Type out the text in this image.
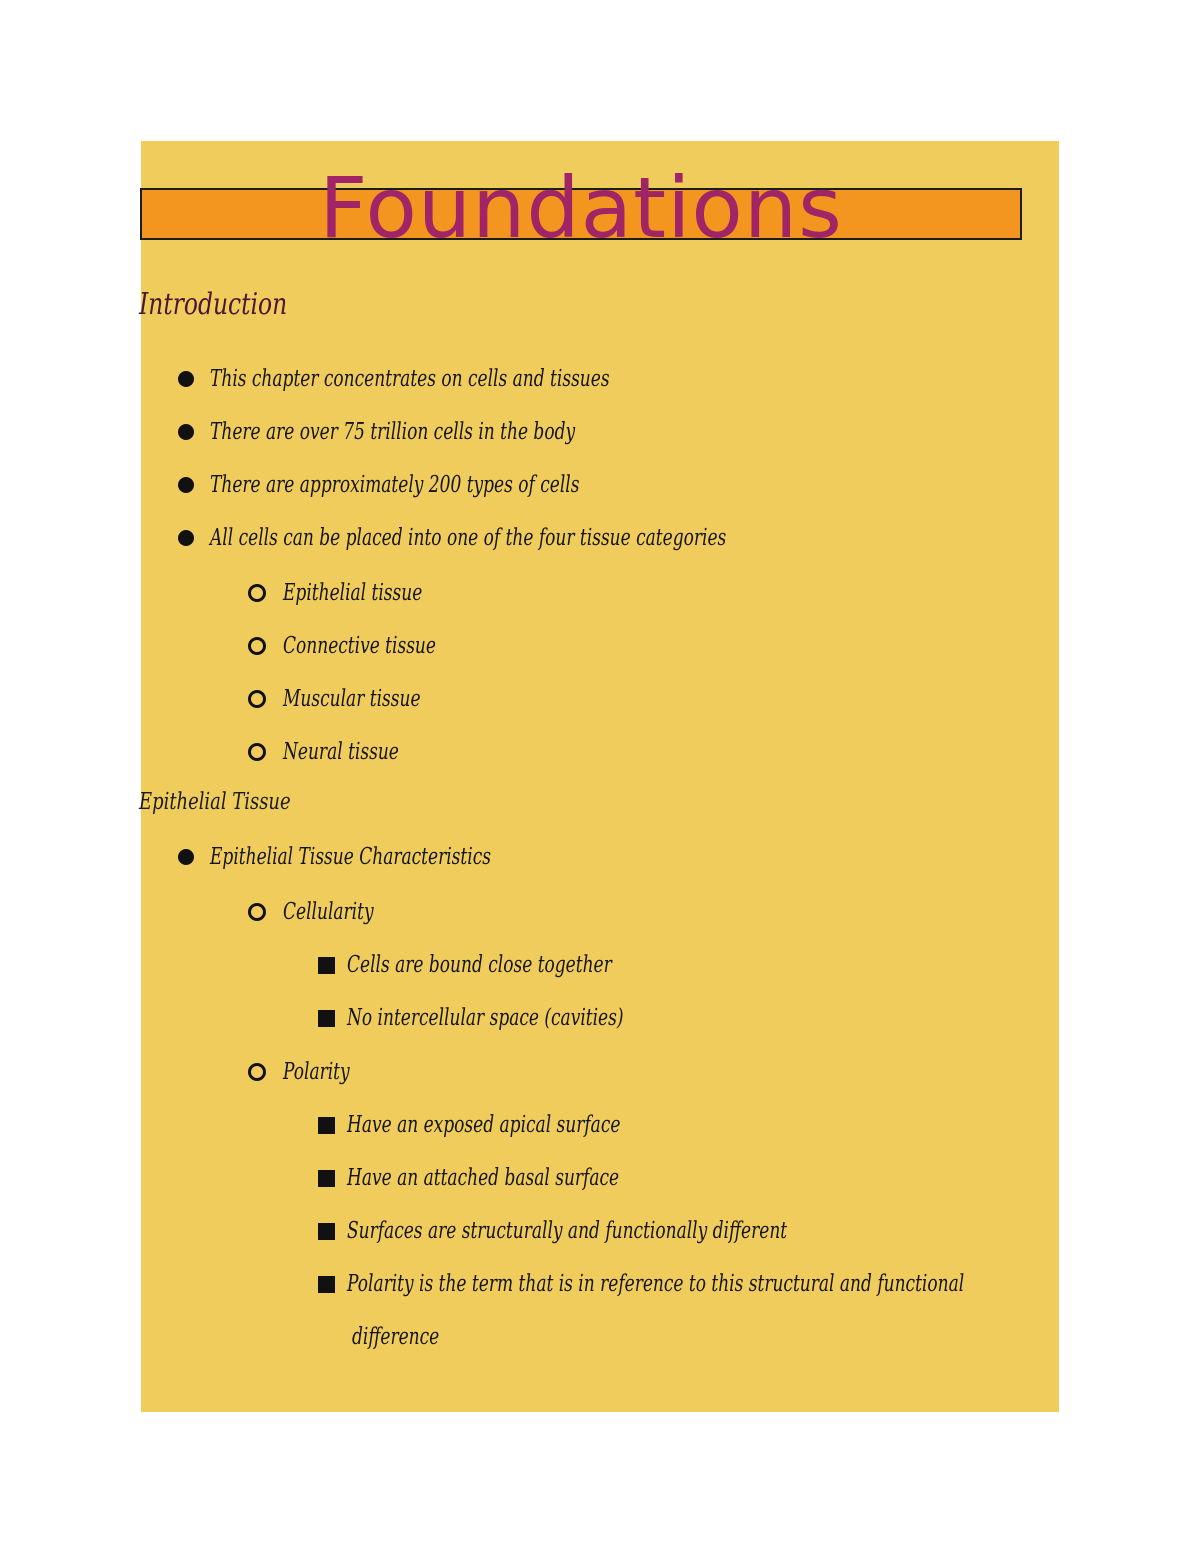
Foundations
Introduction
This chapter concentrates on cells and tissues
There are over 75 trillion cells in the body
There are approximately 200 types of cells
All cells can be placed into one of the four tissue categories
Epithelial tissue
Connective tissue
Muscular tissue
Neural tissue
Epithelial Tissue
Epithelial Tissue Characteristics
Cellularity
Cells are bound close together
No intercellular space (cavities)
Polarity
Have an exposed apical surface
Have an attached basal surface
Surfaces are structurally and functionally different
Polarity is the term that is in reference to this structural and functional
difference
